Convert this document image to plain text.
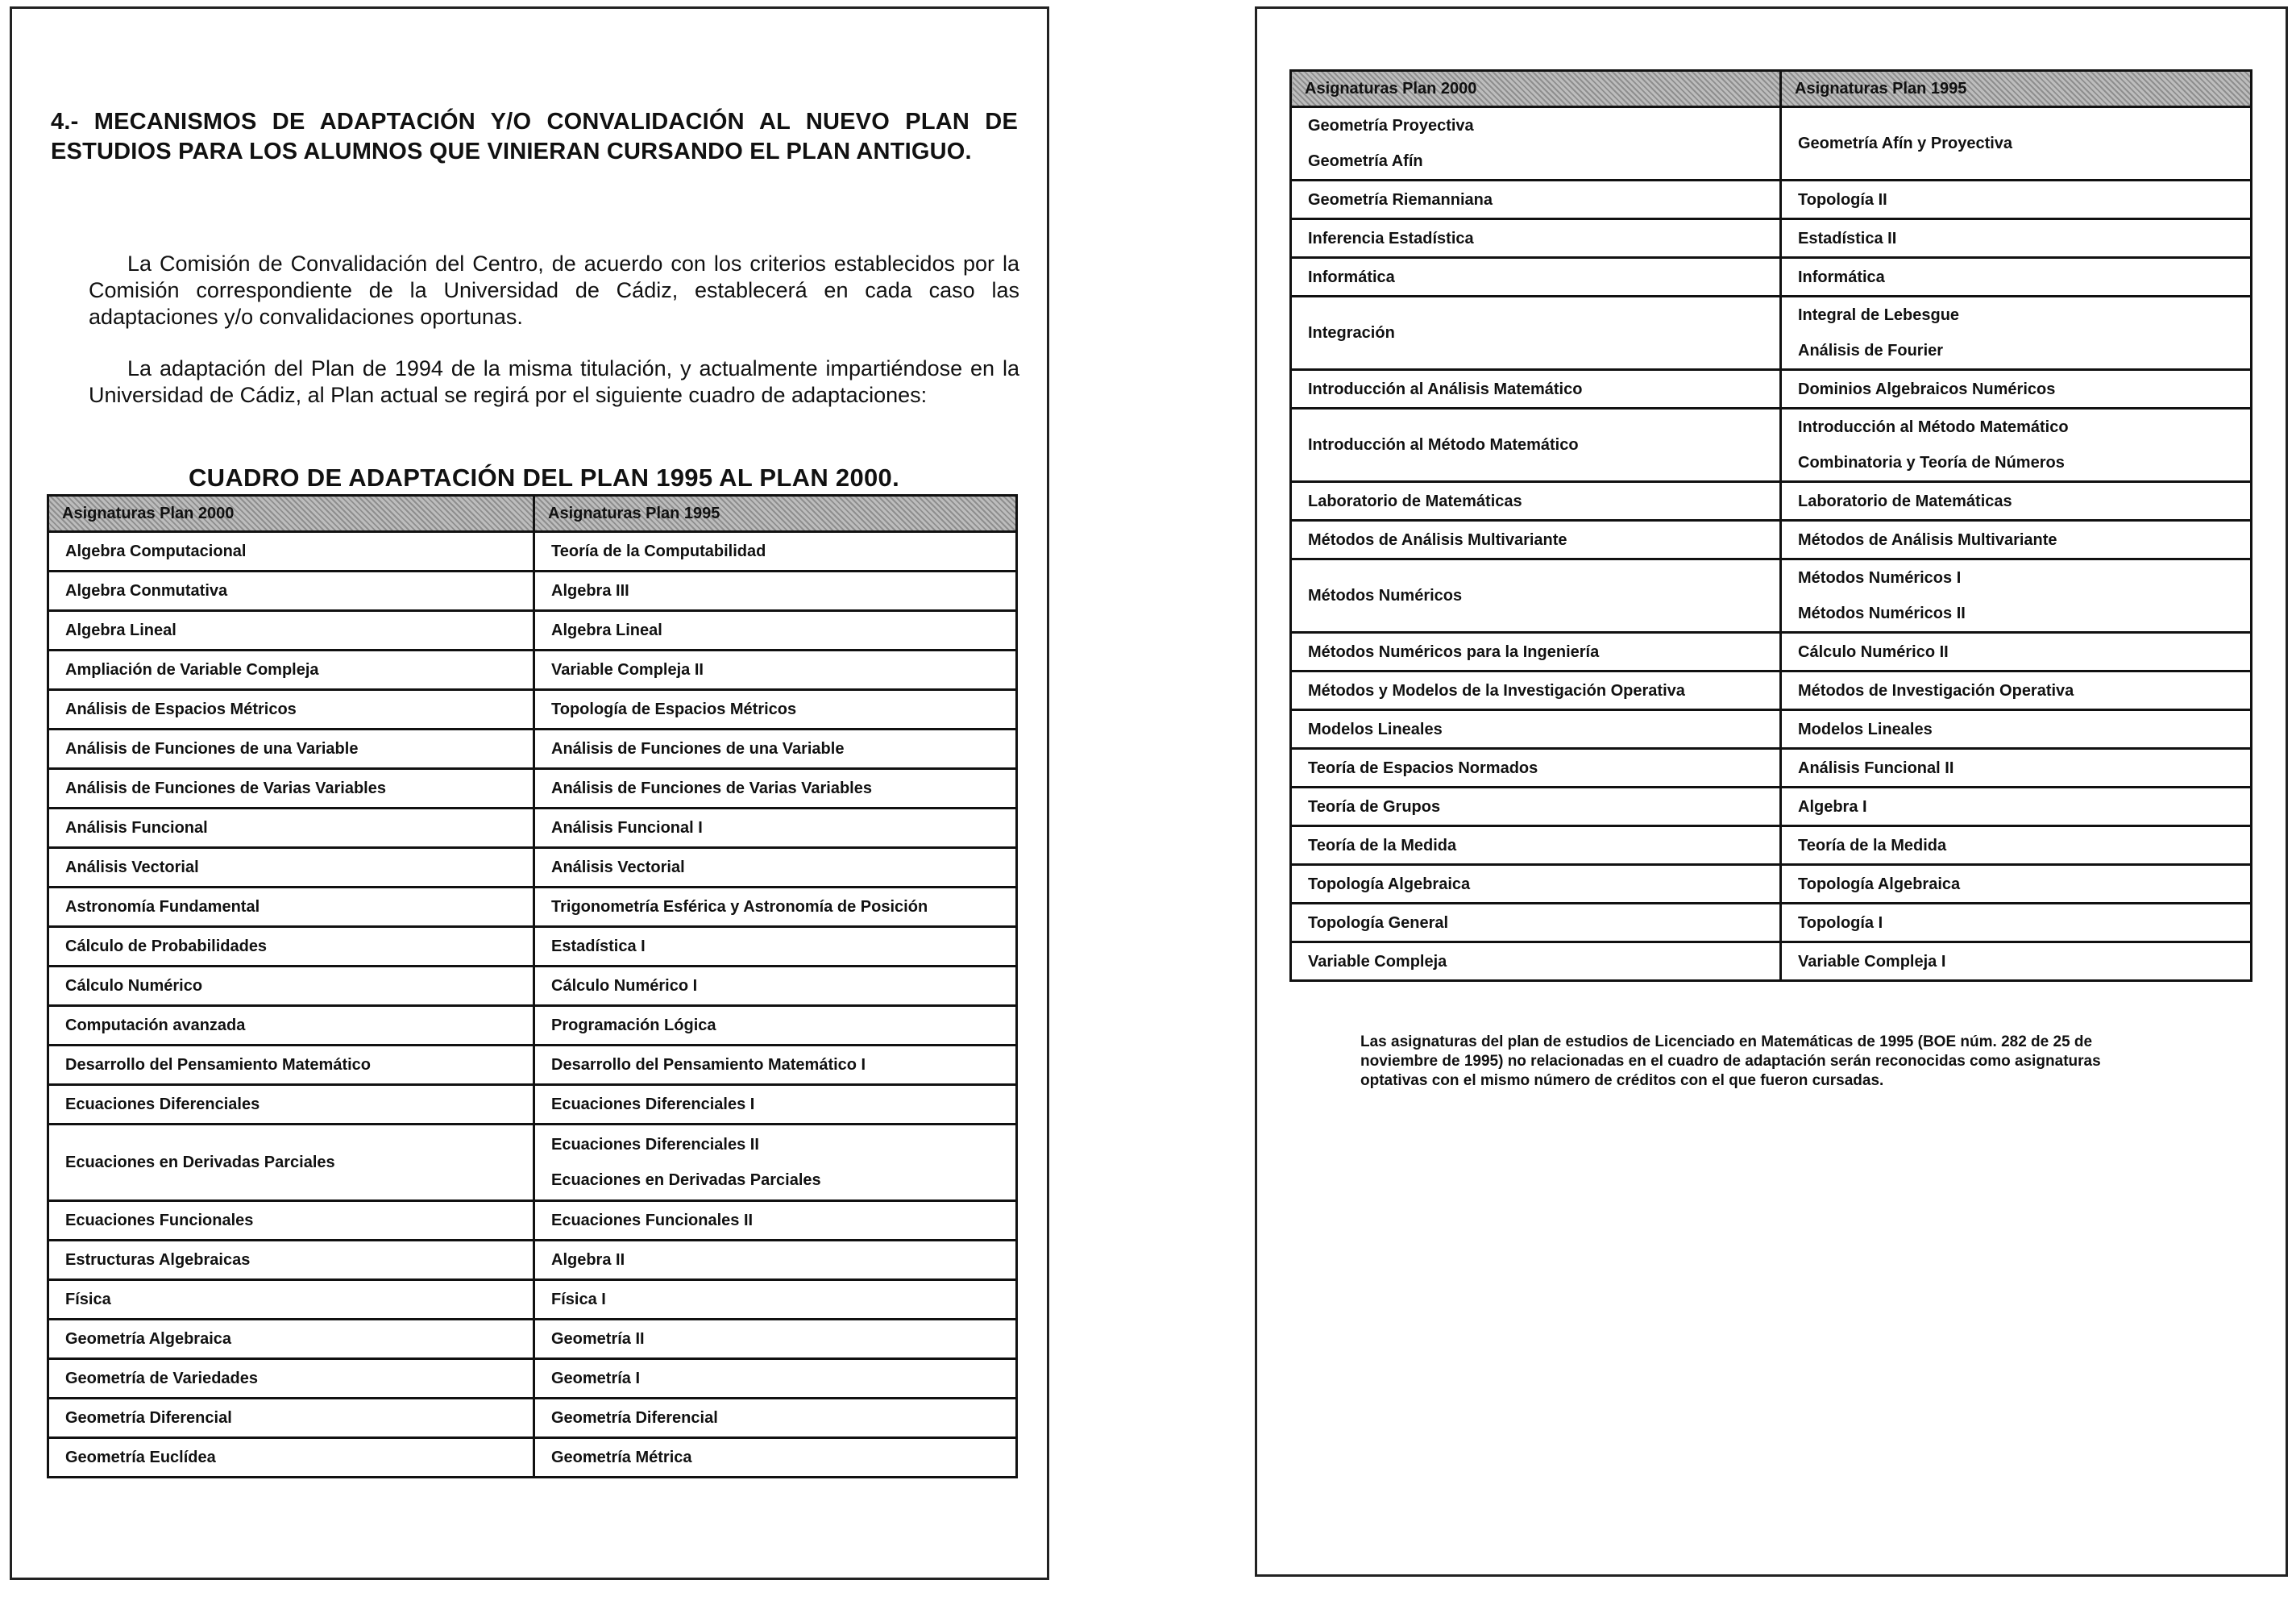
4.- MECANISMOS DE ADAPTACIÓN Y/O CONVALIDACIÓN AL NUEVO PLAN DE ESTUDIOS PARA LOS ALUMNOS QUE VINIERAN CURSANDO EL PLAN ANTIGUO.
La Comisión de Convalidación del Centro, de acuerdo con los criterios establecidos por la Comisión correspondiente de la Universidad de Cádiz, establecerá en cada caso las adaptaciones y/o convalidaciones oportunas.
La adaptación del Plan de 1994 de la misma titulación, y actualmente impartiéndose en la Universidad de Cádiz, al Plan actual se regirá por el siguiente cuadro de adaptaciones:
CUADRO DE ADAPTACIÓN DEL PLAN 1995 AL PLAN 2000.
Asignaturas Plan 2000	Asignaturas Plan 1995

Algebra Computacional	Teoría de la Computabilidad

Algebra Conmutativa	Algebra III

Algebra Lineal	Algebra Lineal

Ampliación de Variable Compleja	Variable Compleja II

Análisis de Espacios Métricos	Topología de Espacios Métricos

Análisis de Funciones de una Variable	Análisis de Funciones de una Variable

Análisis de Funciones de Varias Variables	Análisis de Funciones de Varias Variables

Análisis Funcional	Análisis Funcional I

Análisis Vectorial	Análisis Vectorial

Astronomía Fundamental	Trigonometría Esférica y Astronomía de Posición

Cálculo de Probabilidades	Estadística I

Cálculo Numérico	Cálculo Numérico I

Computación avanzada	Programación Lógica

Desarrollo del Pensamiento Matemático	Desarrollo del Pensamiento Matemático I

Ecuaciones Diferenciales	Ecuaciones Diferenciales I

Ecuaciones en Derivadas Parciales	Ecuaciones Diferenciales II
Ecuaciones en Derivadas Parciales

Ecuaciones Funcionales	Ecuaciones Funcionales II

Estructuras Algebraicas	Algebra II

Física	Física I

Geometría Algebraica	Geometría II

Geometría de Variedades	Geometría I

Geometría Diferencial	Geometría Diferencial

Geometría Euclídea	Geometría Métrica
Asignaturas Plan 2000	Asignaturas Plan 1995

Geometría Proyectiva
Geometría Afín	Geometría Afín y Proyectiva

Geometría Riemanniana	Topología II

Inferencia Estadística	Estadística II

Informática	Informática

Integración	Integral de Lebesgue
Análisis de Fourier

Introducción al Análisis Matemático	Dominios Algebraicos Numéricos

Introducción al Método Matemático	Introducción al Método Matemático
Combinatoria y Teoría de Números

Laboratorio de Matemáticas	Laboratorio de Matemáticas

Métodos de Análisis Multivariante	Métodos de Análisis Multivariante

Métodos Numéricos	Métodos Numéricos I
Métodos Numéricos II

Métodos Numéricos para la Ingeniería	Cálculo Numérico II

Métodos y Modelos de la Investigación Operativa	Métodos de Investigación Operativa

Modelos Lineales	Modelos Lineales

Teoría de Espacios Normados	Análisis Funcional II

Teoría de Grupos	Algebra I

Teoría de la Medida	Teoría de la Medida

Topología Algebraica	Topología Algebraica

Topología General	Topología I

Variable Compleja	Variable Compleja I
Las asignaturas del plan de estudios de Licenciado en Matemáticas de 1995 (BOE núm. 282 de 25 de noviembre de 1995) no relacionadas en el cuadro de adaptación serán reconocidas como asignaturas optativas con el mismo número de créditos con el que fueron cursadas.
